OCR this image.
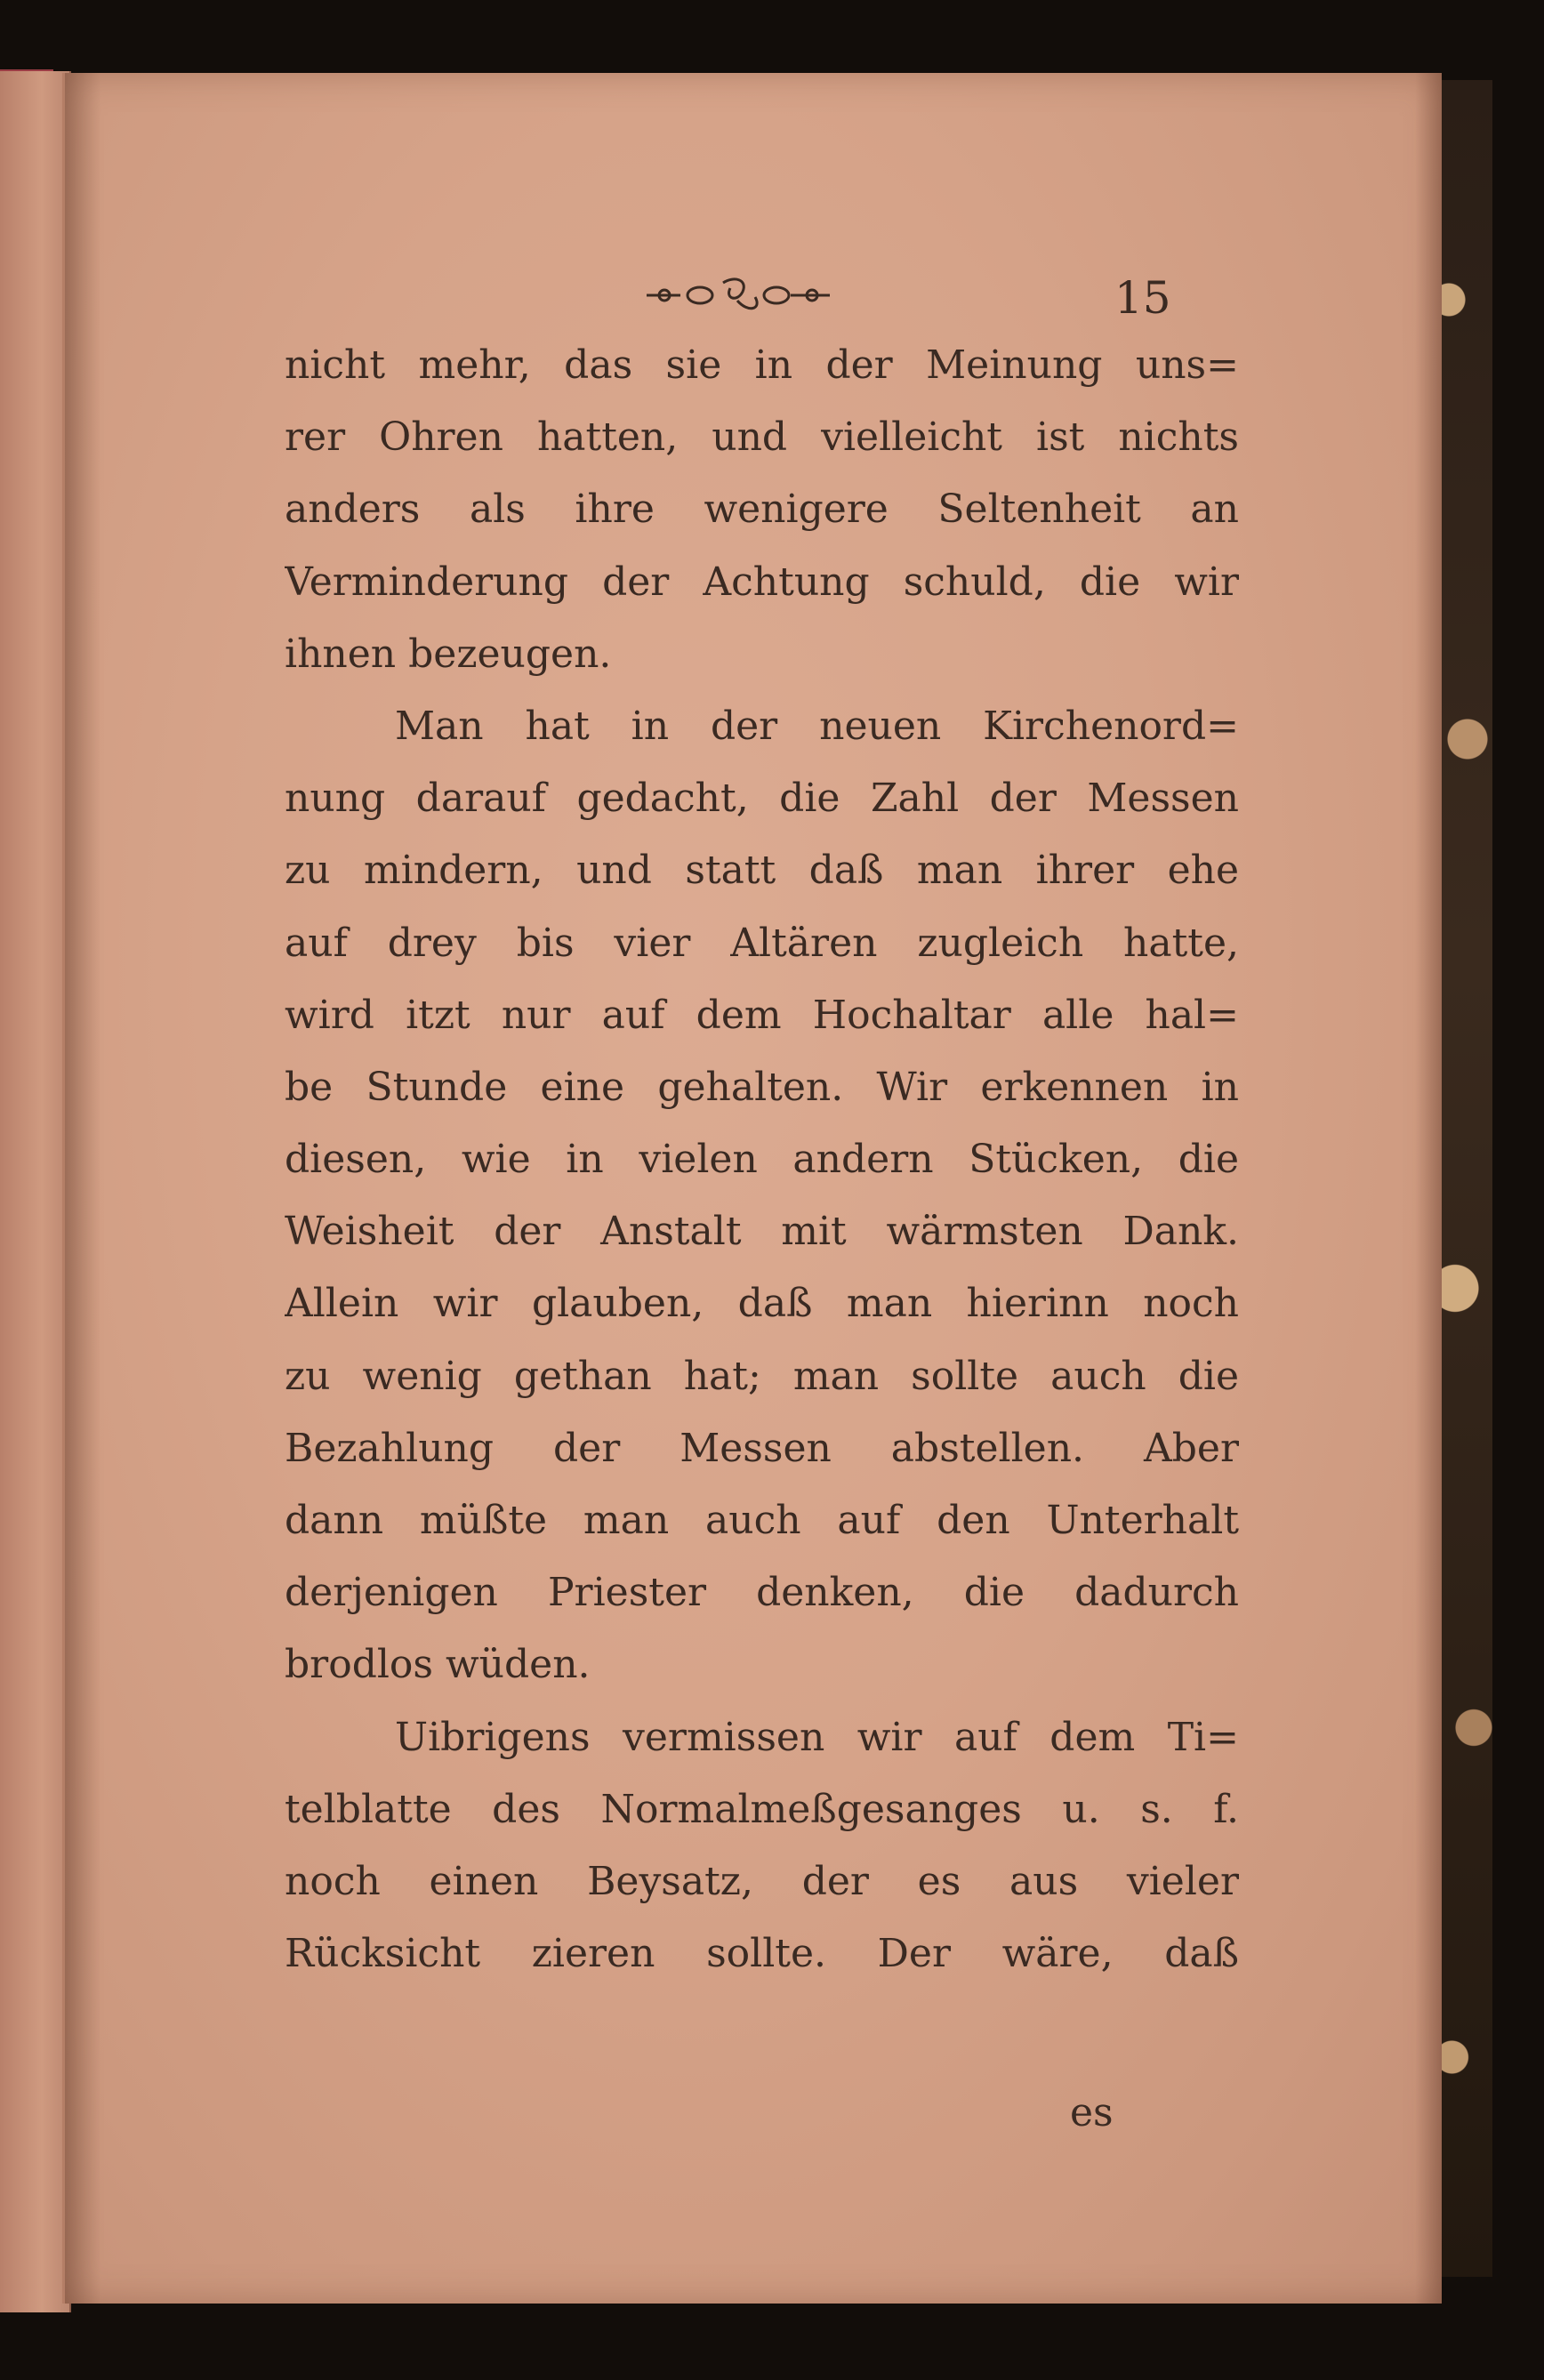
15
nicht mehr, das sie in der Meinung uns=
rer Ohren hatten, und vielleicht ist nichts
anders als ihre wenigere Seltenheit an
Verminderung der Achtung schuld, die wir
ihnen bezeugen.
Man hat in der neuen Kirchenord=
nung darauf gedacht, die Zahl der Messen
zu mindern, und statt daß man ihrer ehe
auf drey bis vier Altären zugleich hatte,
wird itzt nur auf dem Hochaltar alle hal=
be Stunde eine gehalten. Wir erkennen in
diesen, wie in vielen andern Stücken, die
Weisheit der Anstalt mit wärmsten Dank.
Allein wir glauben, daß man hierinn noch
zu wenig gethan hat; man sollte auch die
Bezahlung der Messen abstellen. Aber
dann müßte man auch auf den Unterhalt
derjenigen Priester denken, die dadurch
brodlos wüden.
Uibrigens vermissen wir auf dem Ti=
telblatte des Normalmeßgesanges u. s. f.
noch einen Beysatz, der es aus vieler
Rücksicht zieren sollte. Der wäre, daß
es
